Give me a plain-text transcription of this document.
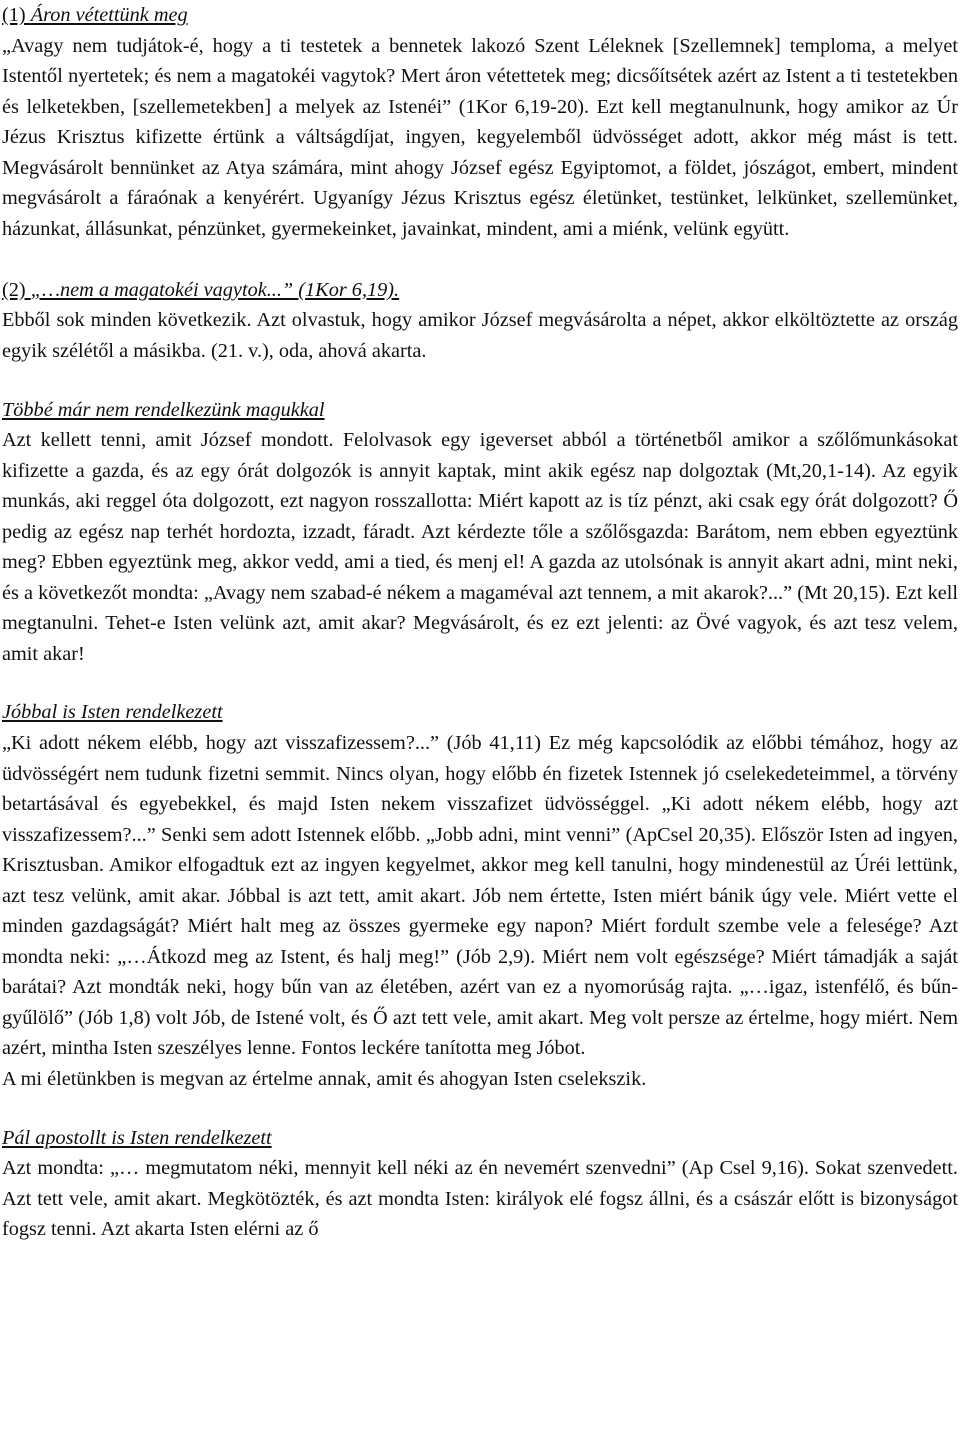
(1) Áron vétettünk meg

„Avagy nem tudjátok-é, hogy a ti testetek a bennetek lakozó Szent Léleknek [Szellemnek] temploma, a melyet Istentől nyertetek; és nem a magatokéi vagytok? Mert áron vétettetek meg; dicsőítsétek azért az Istent a ti testetekben és lelketekben, [szellemetekben] a melyek az Istenéi” (1Kor 6,19-20). Ezt kell megtanulnunk, hogy amikor az Úr Jézus Krisztus kifizette értünk a váltságdíjat, ingyen, kegyelemből üdvösséget adott, akkor még mást is tett. Megvásárolt bennünket az Atya számára, mint ahogy József egész Egyiptomot, a földet, jószágot, embert, mindent megvásárolt a fáraónak a kenyérért. Ugyanígy Jézus Krisztus egész életünket, testünket, lelkünket, szellemünket, házunkat, állásunkat, pénzünket, gyermekeinket, javainkat, mindent, ami a miénk, velünk együtt.

(2) „…nem a magatokéi vagytok...” (1Kor 6,19).

Ebből sok minden következik. Azt olvastuk, hogy amikor József megvásárolta a népet, akkor elköltöztette az ország egyik szélétől a másikba. (21. v.), oda, ahová akarta.

Többé már nem rendelkezünk magukkal

Azt kellett tenni, amit József mondott. Felolvasok egy igeverset abból a történetből amikor a szőlőmunkásokat kifizette a gazda, és az egy órát dolgozók is annyit kaptak, mint akik egész nap dolgoztak (Mt,20,1-14). Az egyik munkás, aki reggel óta dolgozott, ezt nagyon rosszallotta: Miért kapott az is tíz pénzt, aki csak egy órát dolgozott? Ő pedig az egész nap terhét hordozta, izzadt, fáradt. Azt kérdezte tőle a szőlősgazda: Barátom, nem ebben egyeztünk meg? Ebben egyeztünk meg, akkor vedd, ami a tied, és menj el! A gazda az utolsónak is annyit akart adni, mint neki, és a következőt mondta: „Avagy nem szabad-é nékem a magaméval azt tennem, a mit akarok?...” (Mt 20,15). Ezt kell megtanulni. Tehet-e Isten velünk azt, amit akar? Megvásárolt, és ez ezt jelenti: az Övé vagyok, és azt tesz velem, amit akar!

Jóbbal is Isten rendelkezett

„Ki adott nékem elébb, hogy azt visszafizessem?...” (Jób 41,11) Ez még kapcsolódik az előbbi témához, hogy az üdvösségért nem tudunk fizetni semmit. Nincs olyan, hogy előbb én fizetek Istennek jó cselekedeteimmel, a törvény betartásával és egyebekkel, és majd Isten nekem visszafizet üdvösséggel. „Ki adott nékem elébb, hogy azt visszafizessem?...” Senki sem adott Istennek előbb. „Jobb adni, mint venni” (ApCsel 20,35). Először Isten ad ingyen, Krisztusban. Amikor elfogadtuk ezt az ingyen kegyelmet, akkor meg kell tanulni, hogy mindenestül az Úréi lettünk, azt tesz velünk, amit akar. Jóbbal is azt tett, amit akart. Jób nem értette, Isten miért bánik úgy vele. Miért vette el minden gazdagságát? Miért halt meg az összes gyermeke egy napon? Miért fordult szembe vele a felesége? Azt mondta neki: „…Átkozd meg az Istent, és halj meg!” (Jób 2,9). Miért nem volt egészsége? Miért támadják a saját barátai? Azt mondták neki, hogy bűn van az életében, azért van ez a nyomorúság rajta. „…igaz, istenfélő, és bűn-gyűlölő” (Jób 1,8) volt Jób, de Istené volt, és Ő azt tett vele, amit akart. Meg volt persze az értelme, hogy miért. Nem azért, mintha Isten szeszélyes lenne. Fontos leckére tanította meg Jóbot.

A mi életünkben is megvan az értelme annak, amit és ahogyan Isten cselekszik.

Pál apostollt is Isten rendelkezett

Azt mondta: „… megmutatom néki, mennyit kell néki az én nevemért szenvedni” (Ap Csel 9,16). Sokat szenvedett. Azt tett vele, amit akart. Megkötözték, és azt mondta Isten: királyok elé fogsz állni, és a császár előtt is bizonyságot fogsz tenni. Azt akarta Isten elérni az ő
